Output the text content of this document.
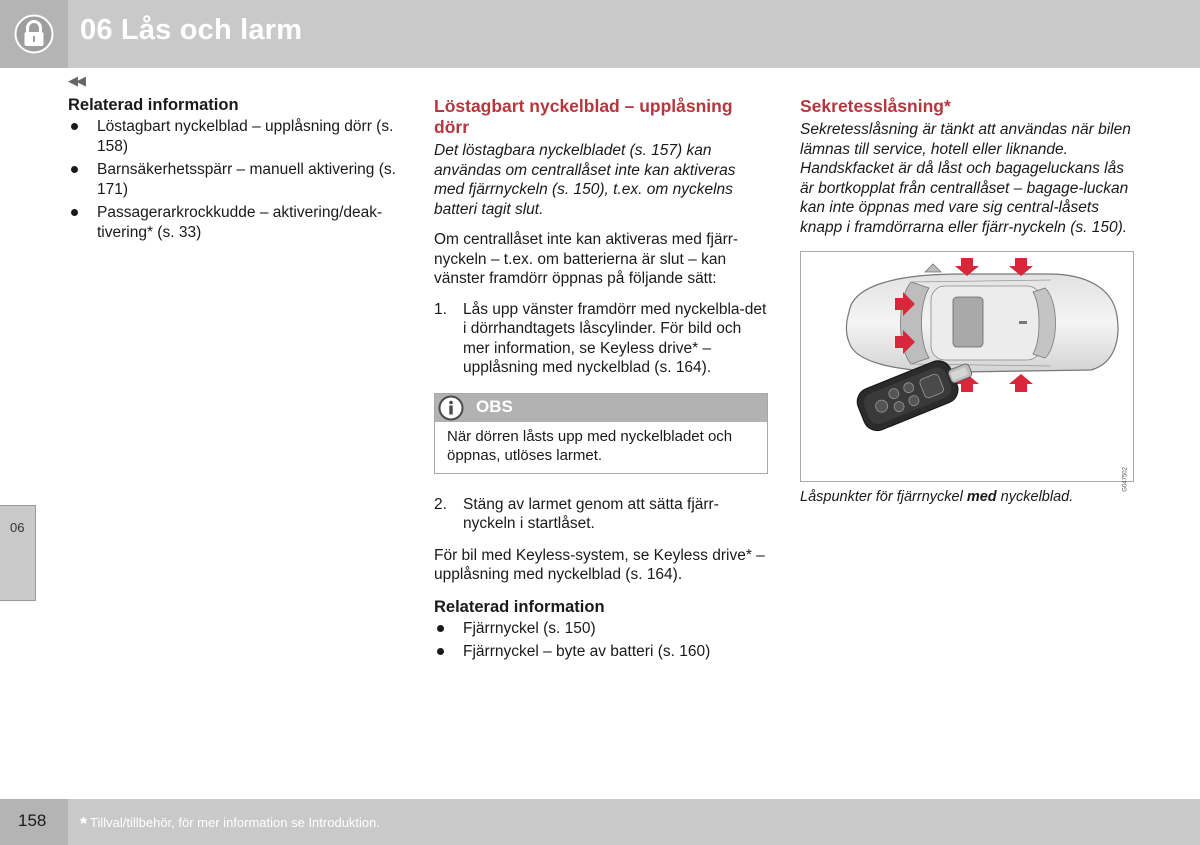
06 Lås och larm
06
◀◀
Relaterad information
Löstagbart nyckelblad – upplåsning dörr (s. 158)
Barnsäkerhetsspärr – manuell aktivering (s. 171)
Passagerarkrockkudde – aktivering/deak-tivering* (s. 33)
Löstagbart nyckelblad – upplåsning dörr

Det löstagbara nyckelbladet (s. 157) kan användas om centrallåset inte kan aktiveras med fjärrnyckeln (s. 150), t.ex. om nyckelns batteri tagit slut.

Om centrallåset inte kan aktiveras med fjärr-nyckeln – t.ex. om batterierna är slut – kan vänster framdörr öppnas på följande sätt:

1. Lås upp vänster framdörr med nyckelbla-det i dörrhandtagets låscylinder. För bild och mer information, se Keyless drive* – upplåsning med nyckelblad (s. 164).
OBS
När dörren låsts upp med nyckelbladet och öppnas, utlöses larmet.
2. Stäng av larmet genom att sätta fjärr-nyckeln i startlåset.

För bil med Keyless-system, se Keyless drive* – upplåsning med nyckelblad (s. 164).

Relaterad information
Fjärrnyckel (s. 150)
Fjärrnyckel – byte av batteri (s. 160)
Sekretesslåsning*

Sekretesslåsning är tänkt att användas när bilen lämnas till service, hotell eller liknande. Handskfacket är då låst och bagageluckans lås är bortkopplat från centrallåset – bagage-luckan kan inte öppnas med vare sig central-låsets knapp i framdörrarna eller fjärr-nyckeln (s. 150).

G047502

Låspunkter för fjärrnyckel med nyckelblad.

158 * Tillval/tillbehör, för mer information se Introduktion.
